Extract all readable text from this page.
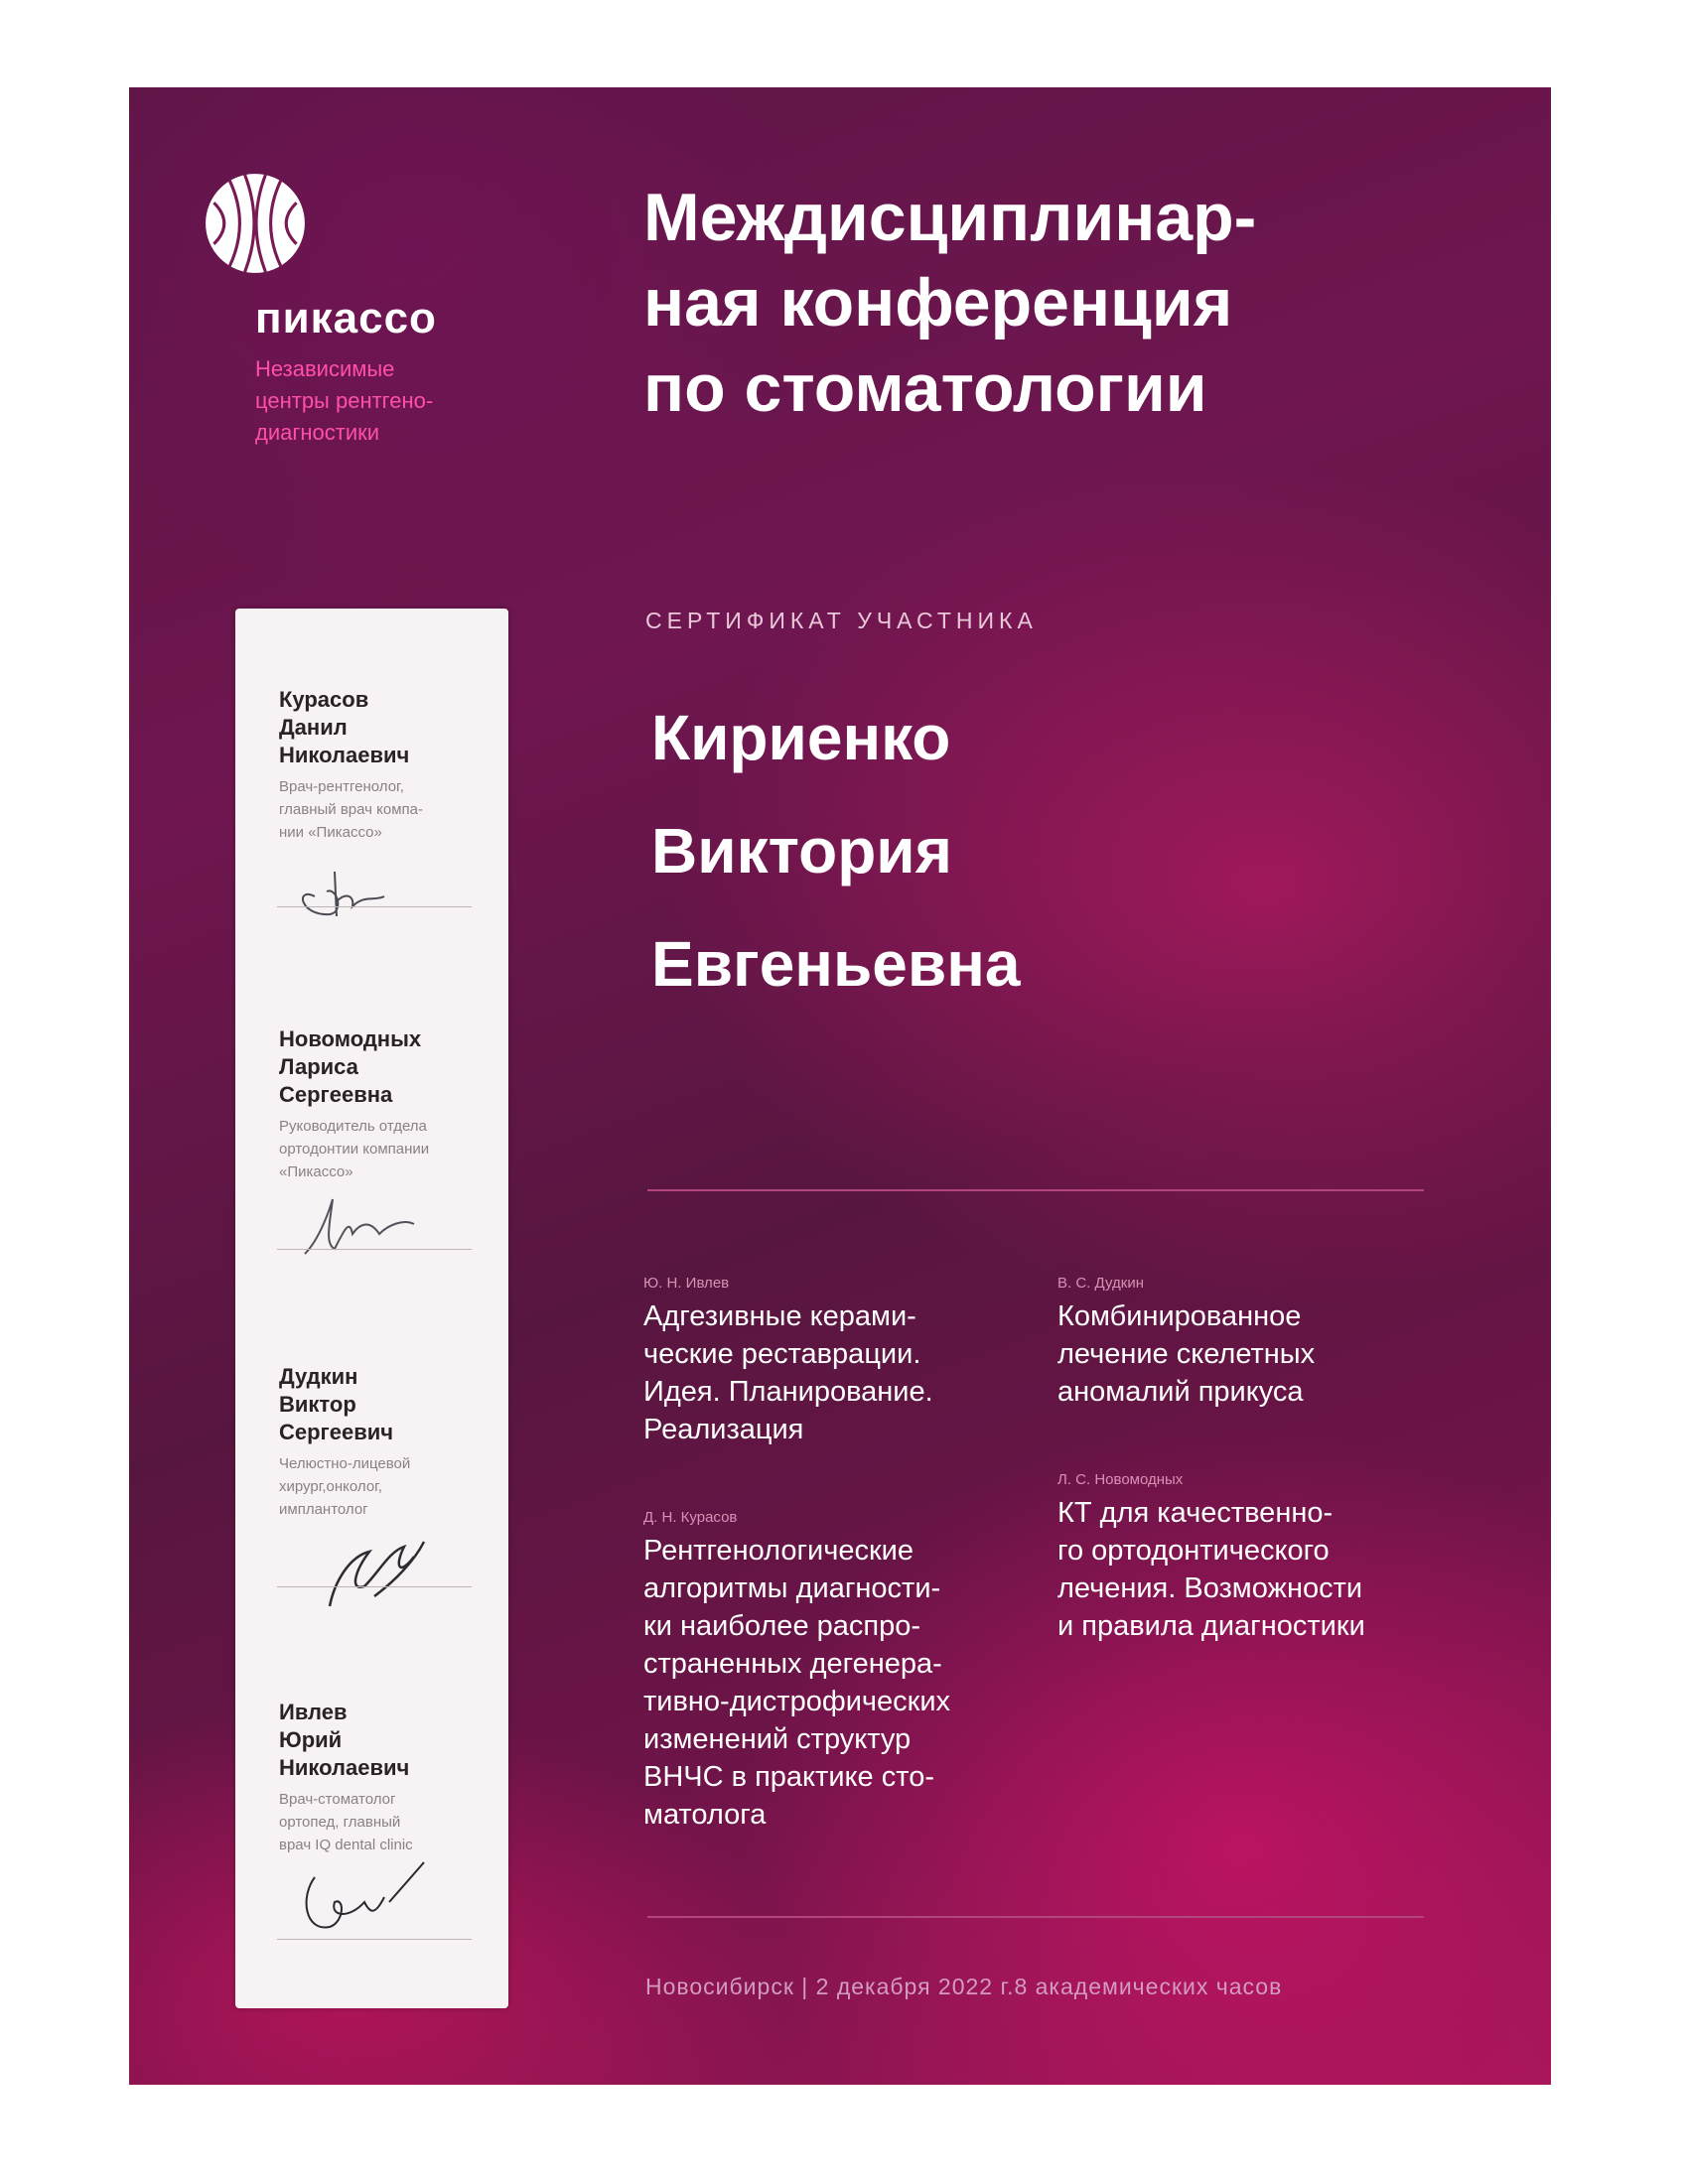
пикассо
Независимые
центры рентгено-
диагностики
Междисциплинар-
ная конференция
по стоматологии
СЕРТИФИКАТ УЧАСТНИКА
Кириенко
Виктория
Евгеньевна
Ю. Н. Ивлев
Адгезивные керами-
ческие реставрации.
Идея. Планирование.
Реализация
Д. Н. Курасов
Рентгенологические
алгоритмы диагности-
ки наиболее распро-
страненных дегенера-
тивно-дистрофических
изменений структур
ВНЧС в практике сто-
матолога
В. С. Дудкин
Комбинированное
лечение скелетных
аномалий прикуса
Л. С. Новомодных
КТ для качественно-
го ортодонтического
лечения. Возможности
и правила диагностики
Новосибирск | 2 декабря 2022 г.8 академических часов
Курасов
Данил
Николаевич
Врач-рентгенолог,
главный врач компа-
нии «Пикассо»
Новомодных
Лариса
Сергеевна
Руководитель отдела
ортодонтии компании
«Пикассо»
Дудкин
Виктор
Сергеевич
Челюстно-лицевой
хирург,онколог,
имплантолог
Ивлев
Юрий
Николаевич
Врач-стоматолог
ортопед, главный
врач IQ dental clinic
